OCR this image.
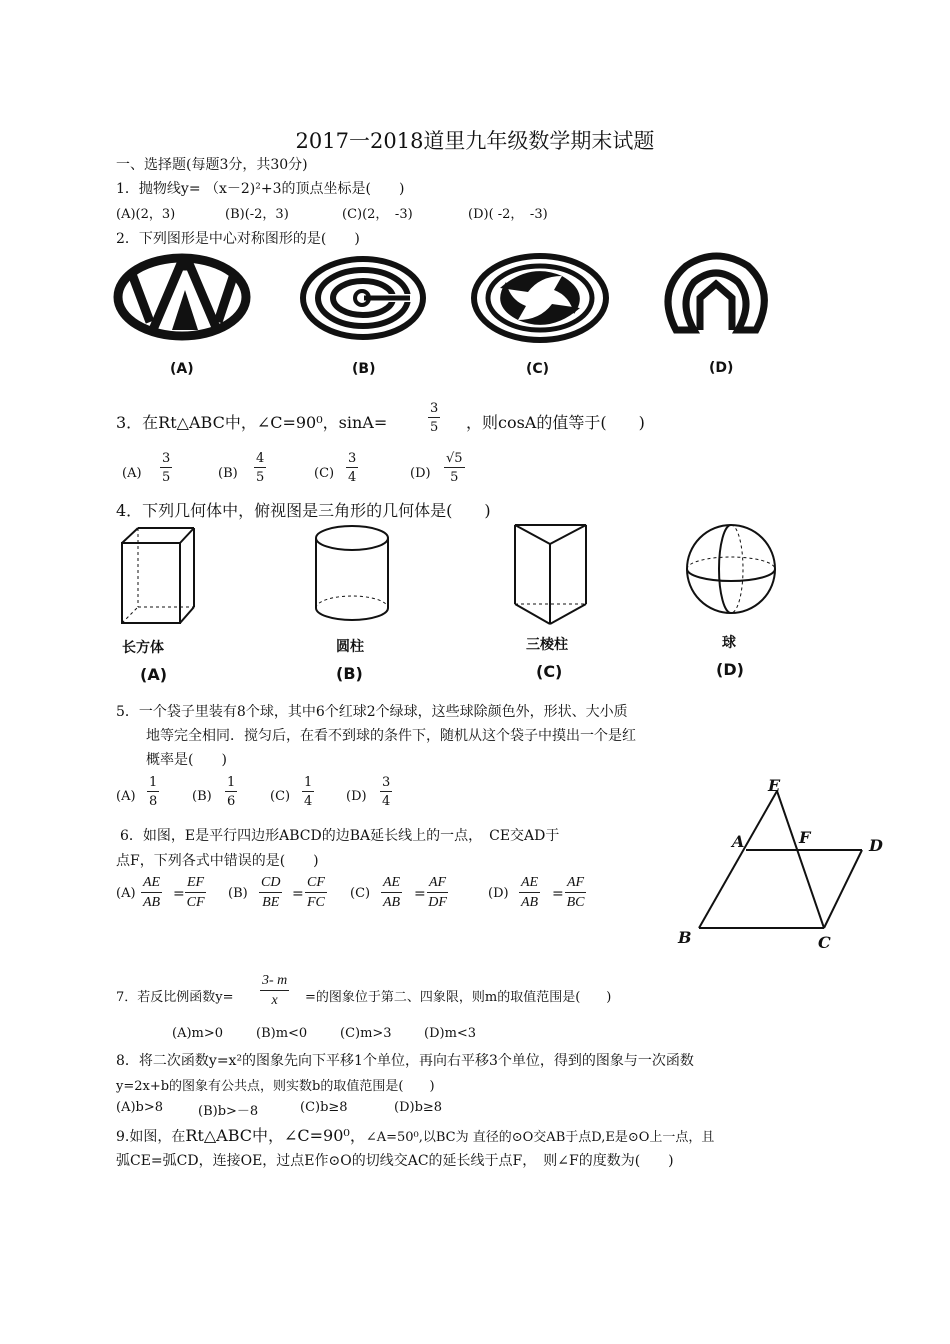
2017一2018道里九年级数学期末试题
一、选择题(每题3分，共30分)
1．抛物线y= （x－2)²+3的顶点坐标是(　　)
(A)(2，3)	(B)(-2，3)	(C)(2，　-3)	(D)( -2，　-3)
2．下列图形是中心对称图形的是(　　)
(A)	(B)	(C)	(D)
3．在Rt△ABC中，∠C=90⁰，sinA=	$\frac{3}{5}$ ，则cosA的值等于(　　)
$(A) \frac{3}{5}$	$(B) \frac{4}{5}$	$(C) \frac{3}{4}$	$(D) \frac{√5}{5}$
4．下列几何体中，俯视图是三角形的几何体是(　　)
长方体	圆柱	三棱柱	球
(A)	(B)	(C)	(D)
5．一个袋子里装有8个球，其中6个红球2个绿球，这些球除颜色外，形状、大小质
地等完全相同．搅匀后，在看不到球的条件下，随机从这个袋子中摸出一个是红
概率是(　　)
$(A) \frac{1}{8}$	$(B) \frac{1}{6}$	$(C) \frac{1}{4} (D) \frac{3}{4}$
6．如图，E是平行四边形ABCD的边BA延长线上的一点，　CE交AD于
点F，下列各式中错误的是(　　)
$(A) \frac{AE}{AB} = \frac{EF}{CF} (B) \frac{CD}{BE} = \frac{CF}{FC} (C) \frac{AE}{AB} = \frac{AF}{DF}$	$(D) \frac{AE}{AB} = \frac{AF}{BC}$
E
A	F	D
B	C
7．若反比例函数$y= \frac{3- m}{x}$ =的图象位于第二、四象限，则m的取值范围是(　　)
(A)m>0	(B)m<0	(C)m>3 (D)m<3
8．将二次函数y=x²的图象先向下平移1个单位，再向右平移3个单位，得到的图象与一次函数
y=2x+b的图象有公共点，则实数b的取值范围是(　　)
(A)b>8	(B)b>－8	(C)b≥8	(D)b≥8
9.如图，在Rt△ABC中，∠C=90⁰，∠A=50⁰,以BC为 直径的⊙O交AB于点D,E是⊙O上一点，且
弧CE=弧CD，连接OE，过点E作⊙O的切线交AC的延长线于点F，　则∠F的度数为(　　)
